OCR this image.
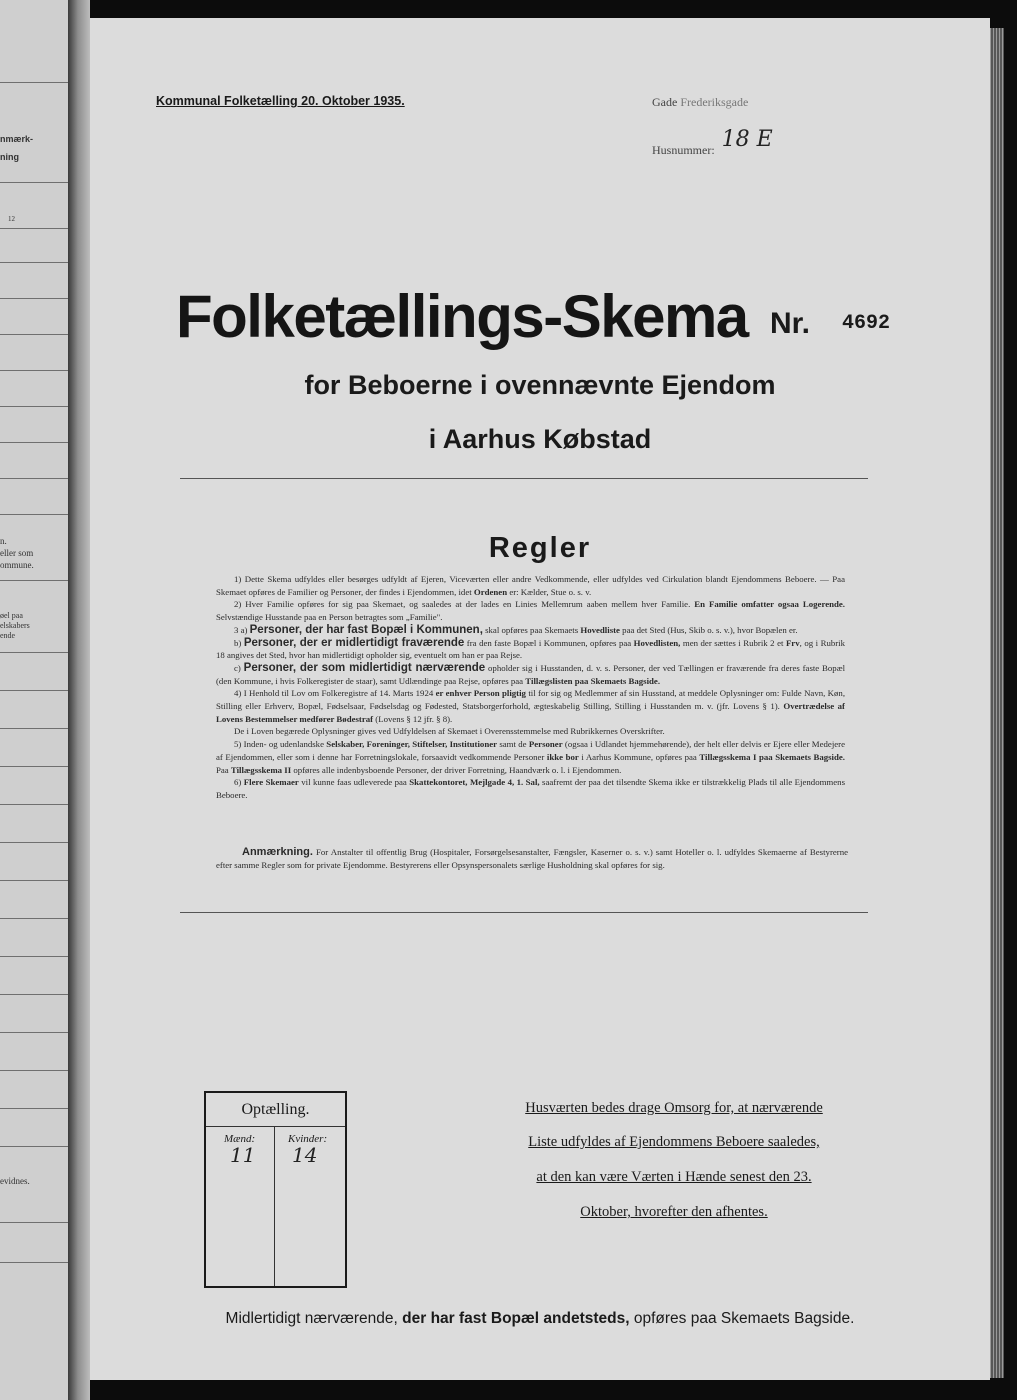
nmærk-
ning
12
n.
eller som
ommune.
øel paa
elskabers
ende
evidnes.
Kommunal Folketælling 20. Oktober 1935.	Gade Frederiksgade
Husnummer: 18 E
Folketællings-Skema Nr. 4692
for Beboerne i ovennævnte Ejendom
i Aarhus Købstad
Regler

1) Dette Skema udfyldes eller besørges udfyldt af Ejeren, Viceværten eller andre Vedkommende, eller udfyldes ved Cirkulation blandt Ejendommens Beboere. — Paa Skemaet opføres de Familier og Personer, der findes i Ejendommen, idet Ordenen er: Kælder, Stue o. s. v.

2) Hver Familie opføres for sig paa Skemaet, og saaledes at der lades en Linies Mellemrum aaben mellem hver Familie. En Familie omfatter ogsaa Logerende. Selvstændige Husstande paa en Person betragtes som „Familie".

3 a) Personer, der har fast Bopæl i Kommunen, skal opføres paa Skemaets Hovedliste paa det Sted (Hus, Skib o. s. v.), hvor Bopælen er.

b) Personer, der er midlertidigt fraværende fra den faste Bopæl i Kommunen, opføres paa Hovedlisten, men der sættes i Rubrik 2 et Frv, og i Rubrik 18 angives det Sted, hvor han midlertidigt opholder sig, eventuelt om han er paa Rejse.

c) Personer, der som midlertidigt nærværende opholder sig i Husstanden, d. v. s. Personer, der ved Tællingen er fraværende fra deres faste Bopæl (den Kommune, i hvis Folkeregister de staar), samt Udlændinge paa Rejse, opføres paa Tillægslisten paa Skemaets Bagside.

4) I Henhold til Lov om Folkeregistre af 14. Marts 1924 er enhver Person pligtig til for sig og Medlemmer af sin Husstand, at meddele Oplysninger om: Fulde Navn, Køn, Stilling eller Erhverv, Bopæl, Fødselsaar, Fødselsdag og Fødested, Statsborgerforhold, ægteskabelig Stilling, Stilling i Husstanden m. v. (jfr. Lovens § 1). Overtrædelse af Lovens Bestemmelser medfører Bødestraf (Lovens § 12 jfr. § 8).

De i Loven begærede Oplysninger gives ved Udfyldelsen af Skemaet i Overensstemmelse med Rubrikkernes Overskrifter.

5) Inden- og udenlandske Selskaber, Foreninger, Stiftelser, Institutioner samt de Personer (ogsaa i Udlandet hjemmehørende), der helt eller delvis er Ejere eller Medejere af Ejendommen, eller som i denne har Forretningslokale, forsaavidt vedkommende Personer ikke bor i Aarhus Kommune, opføres paa Tillægsskema I paa Skemaets Bagside. Paa Tillægsskema II opføres alle indenbysboende Personer, der driver Forretning, Haandværk o. l. i Ejendommen.

6) Flere Skemaer vil kunne faas udleverede paa Skattekontoret, Mejlgade 4, 1. Sal, saafremt der paa det tilsendte Skema ikke er tilstrækkelig Plads til alle Ejendommens Beboere.

Anmærkning. For Anstalter til offentlig Brug (Hospitaler, Forsørgelsesanstalter, Fængsler, Kaserner o. s. v.) samt Hoteller o. l. udfyldes Skemaerne af Bestyrerne efter samme Regler som for private Ejendomme. Bestyrerens eller Opsynspersonalets særlige Husholdning skal opføres for sig.
Optælling.
Mænd:	Kvinder:
11 14
Husværten bedes drage Omsorg for, at nærværende
Liste udfyldes af Ejendommens Beboere saaledes,
at den kan være Værten i Hænde senest den 23.
Oktober, hvorefter den afhentes.
Midlertidigt nærværende, der har fast Bopæl andetsteds, opføres paa Skemaets Bagside.
